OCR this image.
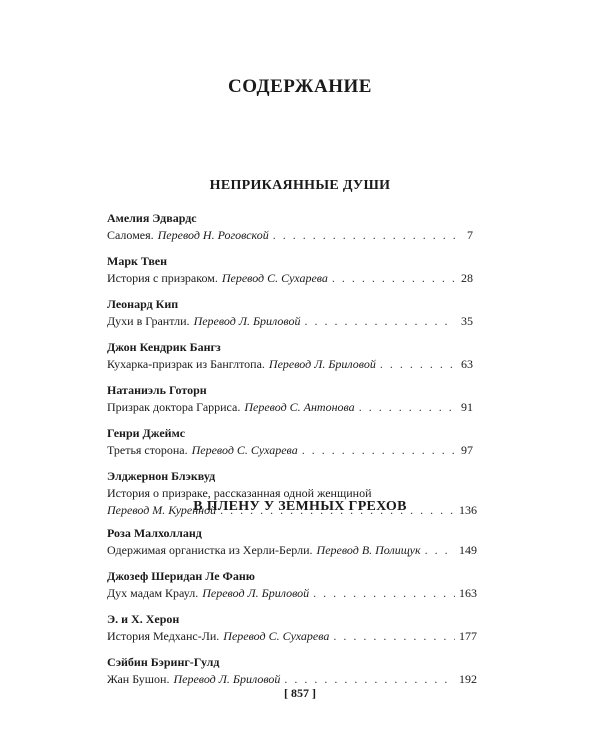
СОДЕРЖАНИЕ
НЕПРИКАЯННЫЕ ДУШИ
Амелия Эдвардс
Саломея. Перевод Н. Роговской . . .	7
Марк Твен
История с призраком. Перевод С. Сухарева . . .	28
Леонард Кип
Духи в Грантли. Перевод Л. Бриловой . . .	35
Джон Кендрик Бангз
Кухарка-призрак из Банглтопа. Перевод Л. Бриловой . . .	63
Натаниэль Готорн
Призрак доктора Гарриса. Перевод С. Антонова . . .	91
Генри Джеймс
Третья сторона. Перевод С. Сухарева . . .	97
Элджернон Блэквуд
История о призраке, рассказанная одной женщиной
Перевод М. Куренной . . .	136
В ПЛЕНУ У ЗЕМНЫХ ГРЕХОВ
Роза Малхолланд
Одержимая органистка из Херли-Берли. Перевод В. Полищук . . .	149
Джозеф Шеридан Ле Фаню
Дух мадам Краул. Перевод Л. Бриловой . . .	163
Э. и Х. Херон
История Медханс-Ли. Перевод С. Сухарева . . .	177
Сэйбин Бэринг-Гулд
Жан Бушон. Перевод Л. Бриловой . . .	192
[ 857 ]
